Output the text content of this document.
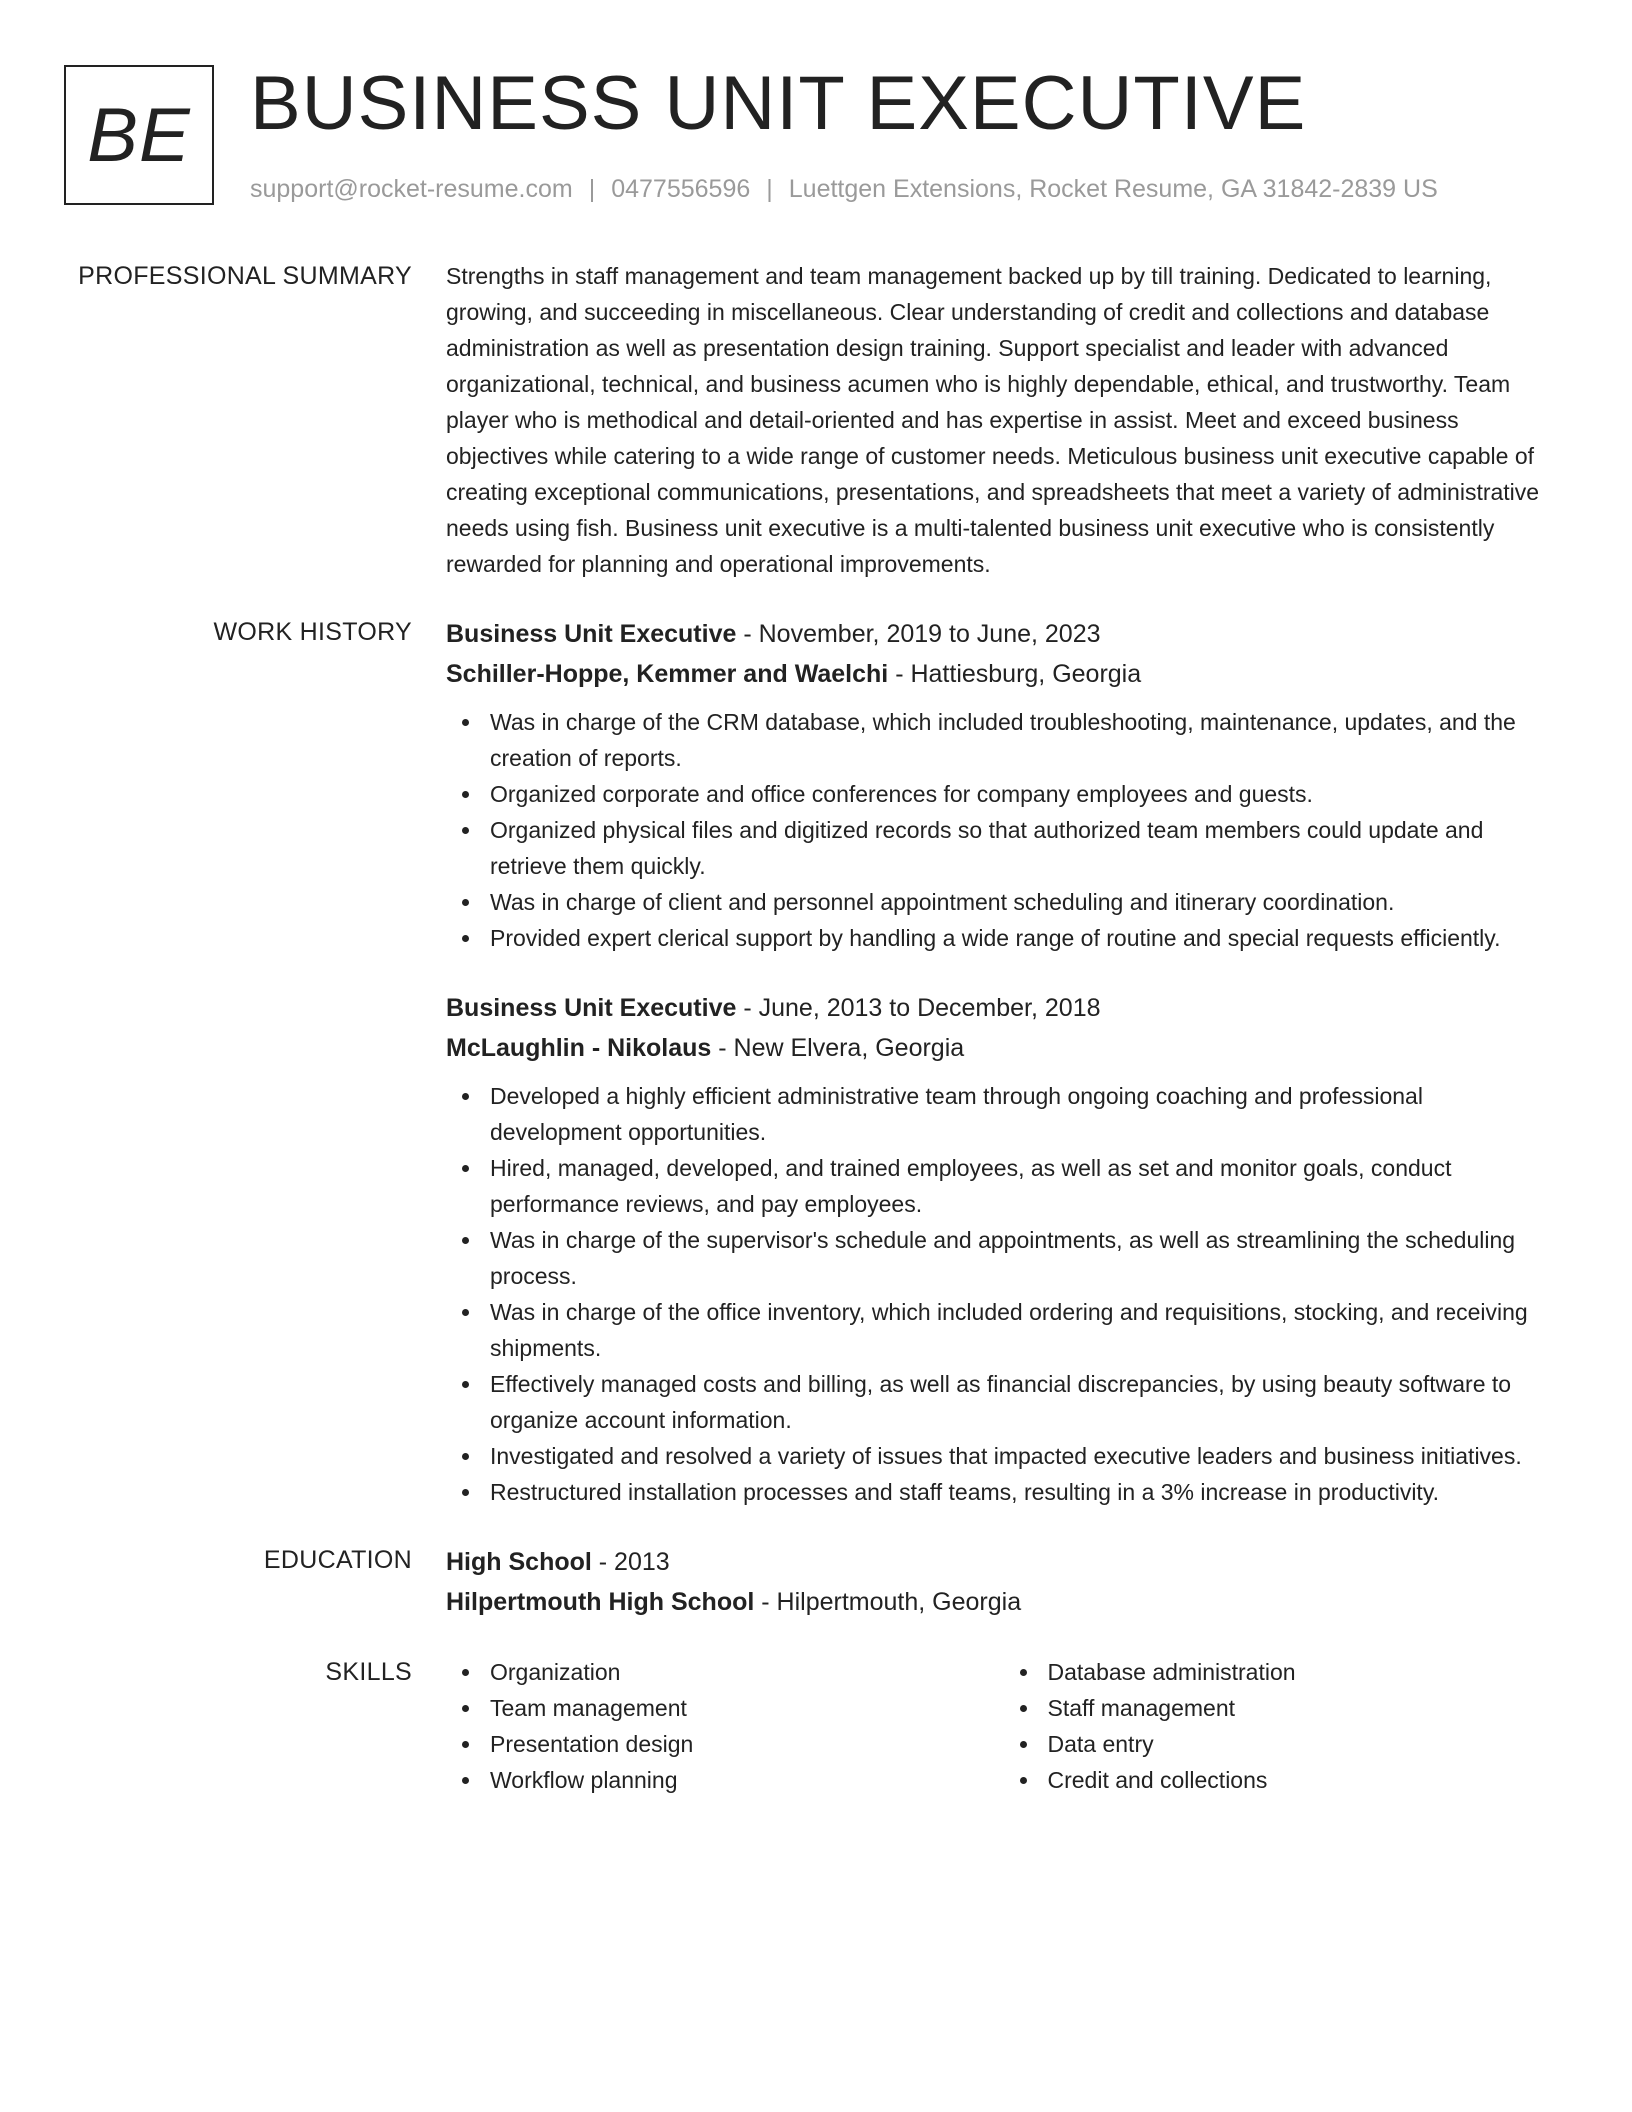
BE BUSINESS UNIT EXECUTIVE
support@rocket-resume.com | 0477556596 | Luettgen Extensions, Rocket Resume, GA 31842-2839 US
PROFESSIONAL SUMMARY Strengths in staff management and team management backed up by till training. Dedicated to learning, growing, and succeeding in miscellaneous. Clear understanding of credit and collections and database administration as well as presentation design training. Support specialist and leader with advanced organizational, technical, and business acumen who is highly dependable, ethical, and trustworthy. Team player who is methodical and detail-oriented and has expertise in assist. Meet and exceed business objectives while catering to a wide range of customer needs. Meticulous business unit executive capable of creating exceptional communications, presentations, and spreadsheets that meet a variety of administrative needs using fish. Business unit executive is a multi-talented business unit executive who is consistently rewarded for planning and operational improvements.

WORK HISTORY Business Unit Executive - November, 2019 to June, 2023
Schiller-Hoppe, Kemmer and Waelchi - Hattiesburg, Georgia
Was in charge of the CRM database, which included troubleshooting, maintenance, updates, and the creation of reports.
Organized corporate and office conferences for company employees and guests.
Organized physical files and digitized records so that authorized team members could update and retrieve them quickly.
Was in charge of client and personnel appointment scheduling and itinerary coordination.
Provided expert clerical support by handling a wide range of routine and special requests efficiently.
Business Unit Executive - June, 2013 to December, 2018
McLaughlin - Nikolaus - New Elvera, Georgia
Developed a highly efficient administrative team through ongoing coaching and professional development opportunities.
Hired, managed, developed, and trained employees, as well as set and monitor goals, conduct performance reviews, and pay employees.
Was in charge of the supervisor's schedule and appointments, as well as streamlining the scheduling process.
Was in charge of the office inventory, which included ordering and requisitions, stocking, and receiving shipments.
Effectively managed costs and billing, as well as financial discrepancies, by using beauty software to organize account information.
Investigated and resolved a variety of issues that impacted executive leaders and business initiatives.
Restructured installation processes and staff teams, resulting in a 3% increase in productivity.
EDUCATION High School - 2013
Hilpertmouth High School - Hilpertmouth, Georgia
SKILLS	Organization
Team management
Presentation design
Workflow planning
Database administration
Staff management
Data entry
Credit and collections
